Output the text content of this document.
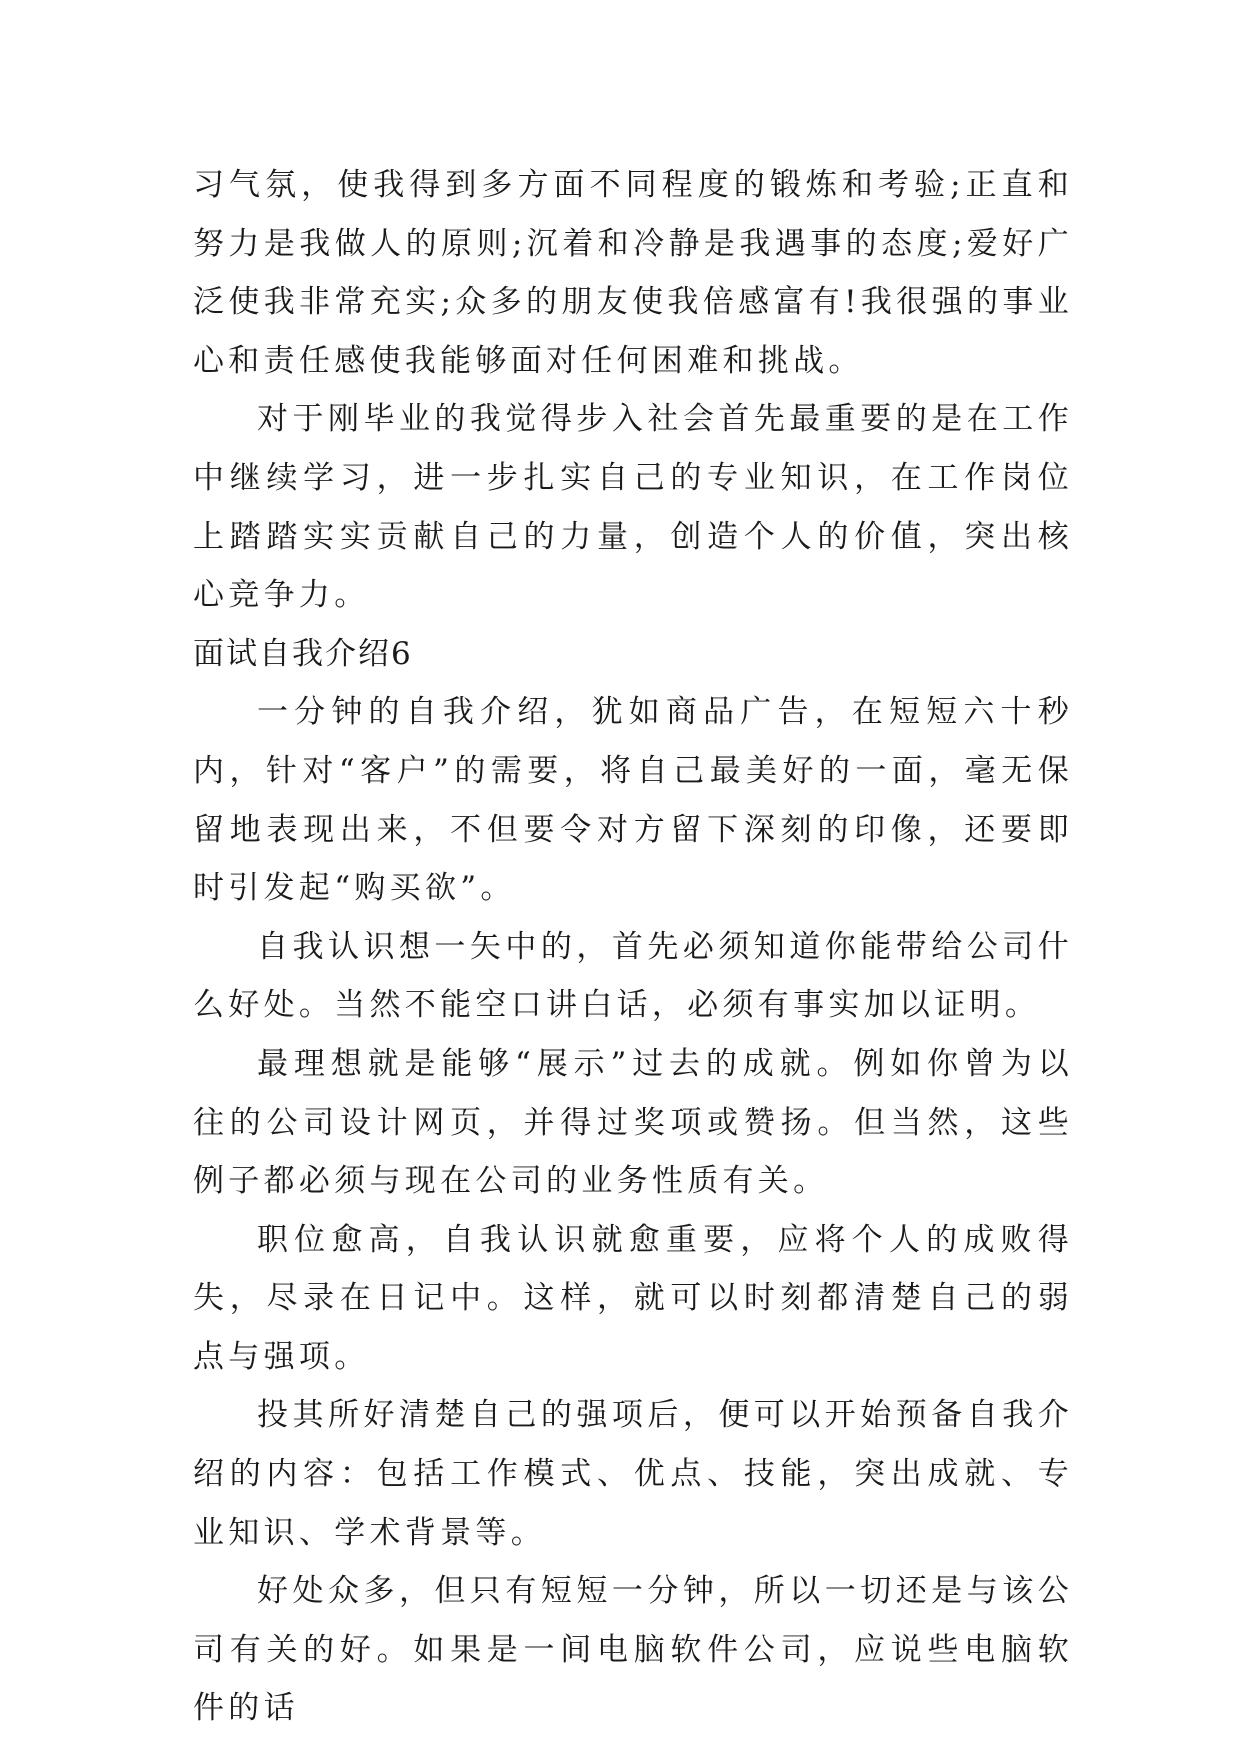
习气氛，使我得到多方面不同程度的锻炼和考验;正直和努力是我做人的原则;沉着和冷静是我遇事的态度;爱好广泛使我非常充实;众多的朋友使我倍感富有!我很强的事业心和责任感使我能够面对任何困难和挑战。

对于刚毕业的我觉得步入社会首先最重要的是在工作中继续学习，进一步扎实自己的专业知识，在工作岗位上踏踏实实贡献自己的力量，创造个人的价值，突出核心竞争力。

面试自我介绍6

一分钟的自我介绍，犹如商品广告，在短短六十秒内，针对“客户”的需要，将自己最美好的一面，毫无保留地表现出来，不但要令对方留下深刻的印像，还要即时引发起“购买欲”。

自我认识想一矢中的，首先必须知道你能带给公司什么好处。当然不能空口讲白话，必须有事实加以证明。

最理想就是能够“展示”过去的成就。例如你曾为以往的公司设计网页，并得过奖项或赞扬。但当然，这些例子都必须与现在公司的业务性质有关。

职位愈高，自我认识就愈重要，应将个人的成败得失，尽录在日记中。这样，就可以时刻都清楚自己的弱点与强项。

投其所好清楚自己的强项后，便可以开始预备自我介绍的内容：包括工作模式、优点、技能，突出成就、专业知识、学术背景等。

好处众多，但只有短短一分钟，所以一切还是与该公司有关的好。如果是一间电脑软件公司，应说些电脑软件的话
